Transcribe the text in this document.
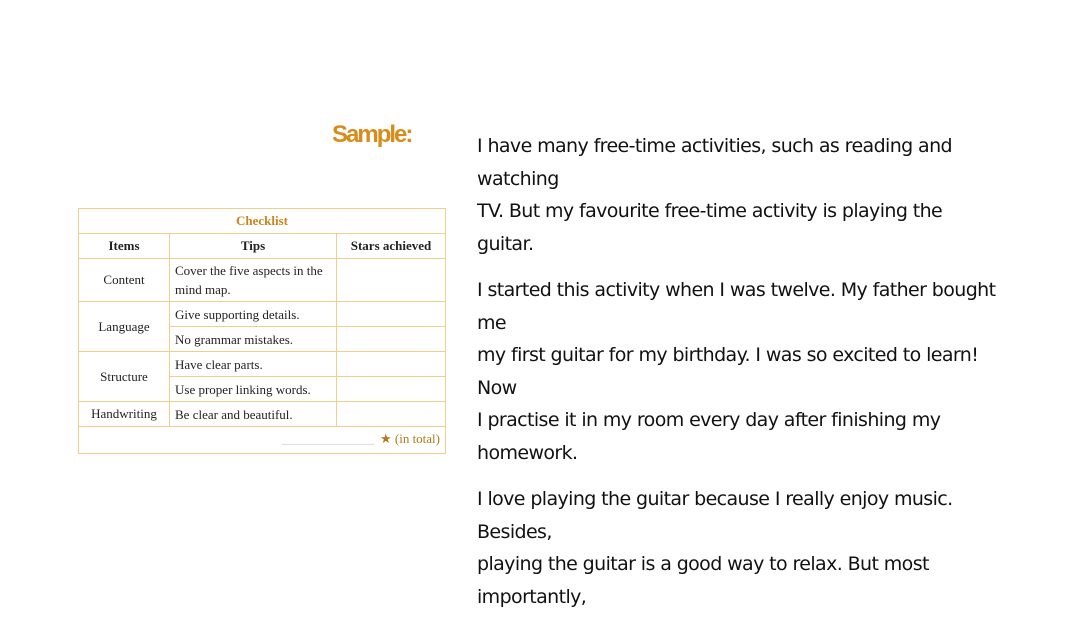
Sample:
Checklist		
Items	Tips	Stars achieved
Content	Cover the five aspects in the mind map.	
Language	Give supporting details.	
	No grammar mistakes.	
Structure	Have clear parts.	
	Use proper linking words.	
Handwriting	Be clear and beautiful.	

★ (in total)		

I have many free-time activities, such as reading and
watching
TV. But my favourite free-time activity is playing the
guitar.

I started this activity when I was twelve. My father bought
me
my first guitar for my birthday. I was so excited to learn!
Now
I practise it in my room every day after finishing my
homework.

I love playing the guitar because I really enjoy music.
Besides,
playing the guitar is a good way to relax. But most
importantly,
